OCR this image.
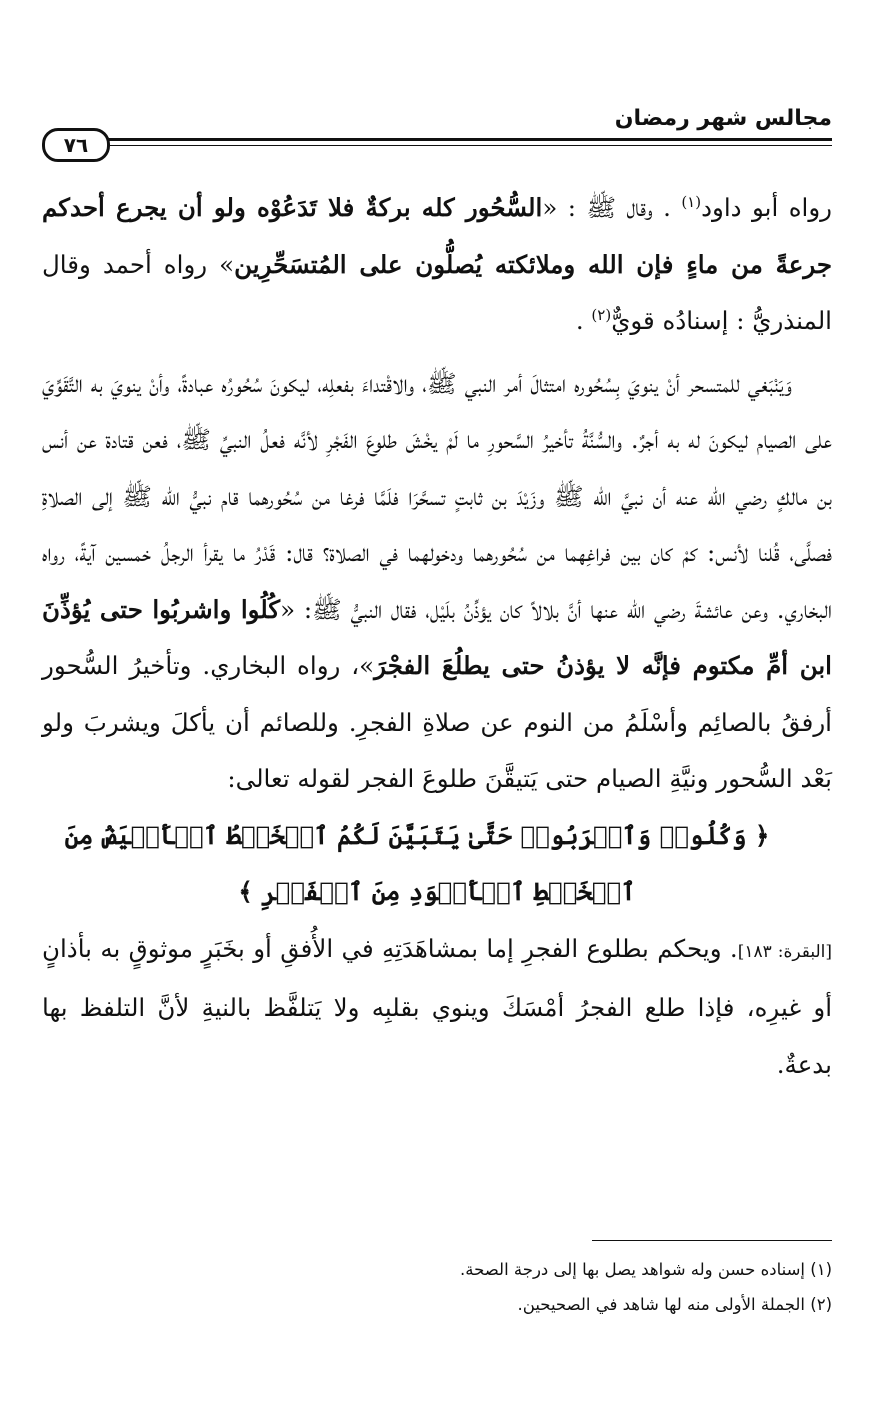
مجالس شهر رمضان
٧٦

رواه أبو داود$^{(١)}$ . وقال ﷺ : «السُّحُور كله بركةٌ فلا تَدَعُوْه ولو أن يجرع أحدكم جرعةً من ماءٍ فإن الله وملائكته يُصلُّون على المُتسَحِّرِين» رواه أحمد وقال المنذريُّ : إسنادُه قويٌّ$^{(٢)}$ .

وَيَنْبَغي للمتسحر أنْ ينويَ بِسُحُوره امتثالَ أمر النبي ﷺ، والاقْتداءَ بفعلِه، ليكونَ سُحُورُه عبادةً، وأنْ ينويَ به التَّقَوِّيَ على الصيام ليكونَ له به أجرٌ. والسُّنَّةُ تأخيرُ السَّحورِ ما لَمْ يخْشَ طلوعَ الفَجْرِ لأنَّه فعلُ النبيِّ ﷺ، فعن قتادة عن أنس بن مالكٍ رضي الله عنه أن نبيَّ الله ﷺ وزَيْدَ بن ثابتٍ تسحَّرَا فلَمَّا فرغا من سُحُورهما قام نبيُّ الله ﷺ إلى الصلاةِ فصلَّى، قُلنا لأنس: كمْ كان بين فراغِهما من سُحُورهما ودخولهما في الصلاة؟ قال: قَدْرُ ما يقرأ الرجلُ خمسين آيةً، رواه البخاري. وعن عائشةَ رضي الله عنها أنَّ بلالاً كان يؤذِّنُ بلَيْل، فقال النبيُّ ﷺ: «كُلُوا واشربُوا حتى يُؤذِّنَ ابن أمِّ مكتوم فإنَّه لا يؤذنُ حتى يطلُعَ الفجْرَ»، رواه البخاري. وتأخيرُ السُّحور أرفقُ بالصائِم وأسْلَمُ من النوم عن صلاةِ الفجرِ. وللصائم أن يأكلَ ويشربَ ولو بَعْد السُّحور ونيَّةِ الصيام حتى يَتيقَّنَ طلوعَ الفجر لقوله تعالى:
﴿ وَكُلُوا۟ وَٱشۡرَبُوا۟ حَتَّىٰ يَتَبَيَّنَ لَكُمُ ٱلۡخَيۡطُ ٱلۡأَبۡيَضُ مِنَ ٱلۡخَيۡطِ ٱلۡأَسۡوَدِ مِنَ ٱلۡفَجۡرِ ﴾
[البقرة: ١٨٣]. ويحكم بطلوع الفجرِ إما بمشاهَدَتِهِ في الأُفقِ أو بخَبَرٍ موثوقٍ به بأذانٍ أو غيرِه، فإذا طلع الفجرُ أمْسَكَ وينوي بقلبِه ولا يَتلفَّظ بالنيةِ لأنَّ التلفظ بها بدعةٌ.

(١) إسناده حسن وله شواهد يصل بها إلى درجة الصحة.
(٢) الجملة الأولى منه لها شاهد في الصحيحين.
